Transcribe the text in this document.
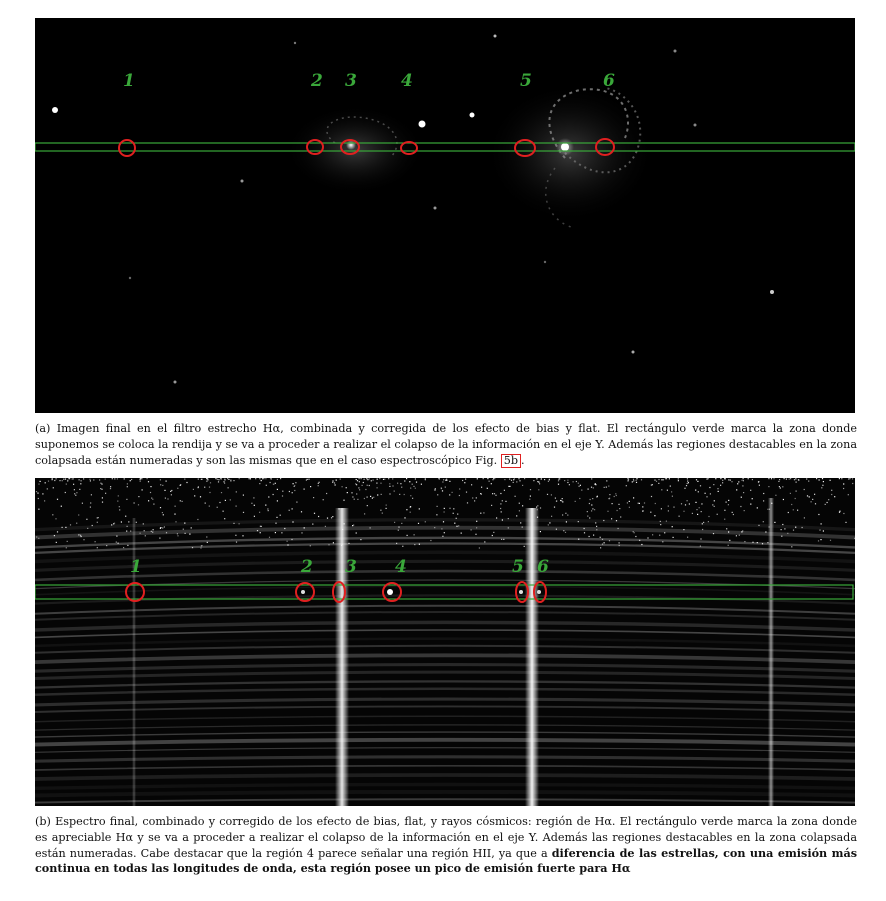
1	2 3	4	5	6
(a) Imagen final en el filtro estrecho Hα, combinada y corregida de los efecto de bias y flat. El rectángulo verde marca la zona donde suponemos se coloca la rendija y se va a proceder a realizar el colapso de la información en el eje Y. Además las regiones destacables en la zona colapsada están numeradas y son las mismas que en el caso espectroscópico Fig. 5b .
1	2 3 4	5 6
(b) Espectro final, combinado y corregido de los efecto de bias, flat, y rayos cósmicos: región de Hα. El rectángulo verde marca la zona donde es apreciable Hα y se va a proceder a realizar el colapso de la información en el eje Y. Además las regiones destacables en la zona colapsada están numeradas. Cabe destacar que la región 4 parece señalar una región HII, ya que a diferencia de las estrellas, con una emisión más continua en todas las longitudes de onda, esta región posee un pico de emisión fuerte para Hα
